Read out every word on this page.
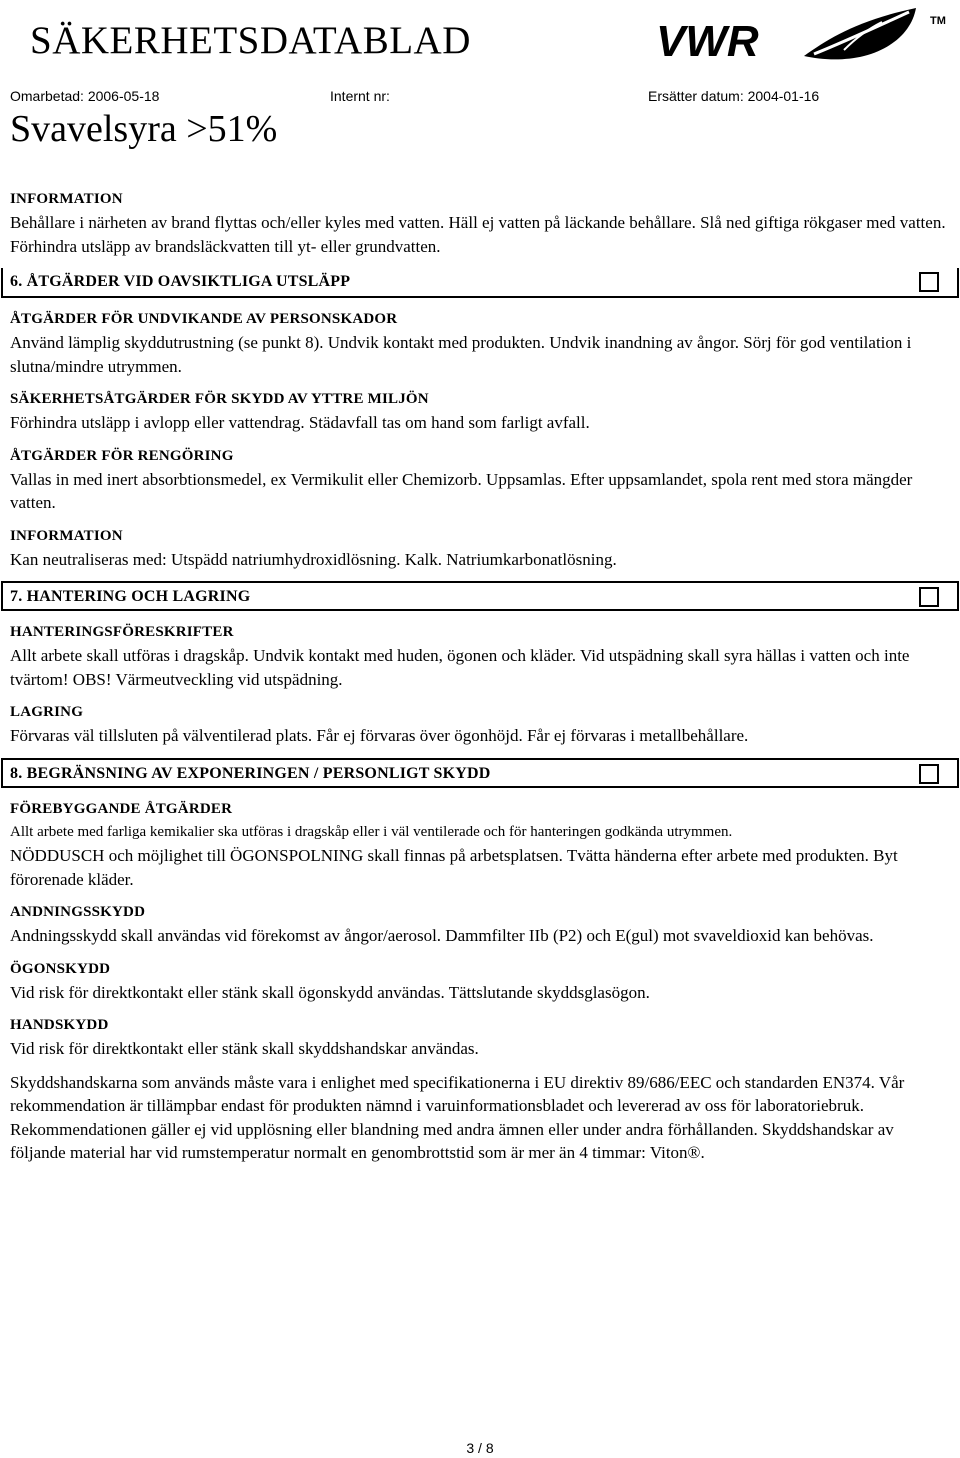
SÄKERHETSDATABLAD	VWR	TM
Omarbetad: 2006-05-18	Internt nr:	Ersätter datum: 2004-01-16
Svavelsyra >51%

INFORMATION

Behållare i närheten av brand flyttas och/eller kyles med vatten. Häll ej vatten på läckande behållare. Slå ned giftiga rökgaser med vatten. Förhindra utsläpp av brandsläckvatten till yt- eller grundvatten.

6. ÅTGÄRDER VID OAVSIKTLIGA UTSLÄPP

ÅTGÄRDER FÖR UNDVIKANDE AV PERSONSKADOR

Använd lämplig skyddutrustning (se punkt 8). Undvik kontakt med produkten. Undvik inandning av ångor. Sörj för god ventilation i slutna/mindre utrymmen.

SÄKERHETSÅTGÄRDER FÖR SKYDD AV YTTRE MILJÖN

Förhindra utsläpp i avlopp eller vattendrag. Städavfall tas om hand som farligt avfall.

ÅTGÄRDER FÖR RENGÖRING

Vallas in med inert absorbtionsmedel, ex Vermikulit eller Chemizorb. Uppsamlas. Efter uppsamlandet, spola rent med stora mängder vatten.

INFORMATION

Kan neutraliseras med: Utspädd natriumhydroxidlösning. Kalk. Natriumkarbonatlösning.

7. HANTERING OCH LAGRING

HANTERINGSFÖRESKRIFTER

Allt arbete skall utföras i dragskåp. Undvik kontakt med huden, ögonen och kläder. Vid utspädning skall syra hällas i vatten och inte tvärtom! OBS! Värmeutveckling vid utspädning.

LAGRING

Förvaras väl tillsluten på välventilerad plats. Får ej förvaras över ögonhöjd. Får ej förvaras i metallbehållare.

8. BEGRÄNSNING AV EXPONERINGEN / PERSONLIGT SKYDD

FÖREBYGGANDE ÅTGÄRDER

Allt arbete med farliga kemikalier ska utföras i dragskåp eller i väl ventilerade och för hanteringen godkända utrymmen.

NÖDDUSCH och möjlighet till ÖGONSPOLNING skall finnas på arbetsplatsen. Tvätta händerna efter arbete med produkten. Byt förorenade kläder.

ANDNINGSSKYDD

Andningsskydd skall användas vid förekomst av ångor/aerosol. Dammfilter IIb (P2) och E(gul) mot svaveldioxid kan behövas.

ÖGONSKYDD

Vid risk för direktkontakt eller stänk skall ögonskydd användas. Tättslutande skyddsglasögon.

HANDSKYDD

Vid risk för direktkontakt eller stänk skall skyddshandskar användas.

Skyddshandskarna som används måste vara i enlighet med specifikationerna i EU direktiv 89/686/EEC och standarden EN374. Vår rekommendation är tillämpbar endast för produkten nämnd i varuinformationsbladet och levererad av oss för laboratoriebruk. Rekommendationen gäller ej vid upplösning eller blandning med andra ämnen eller under andra förhållanden. Skyddshandskar av följande material har vid rumstemperatur normalt en genombrottstid som är mer än 4 timmar: Viton®.

3 / 8
